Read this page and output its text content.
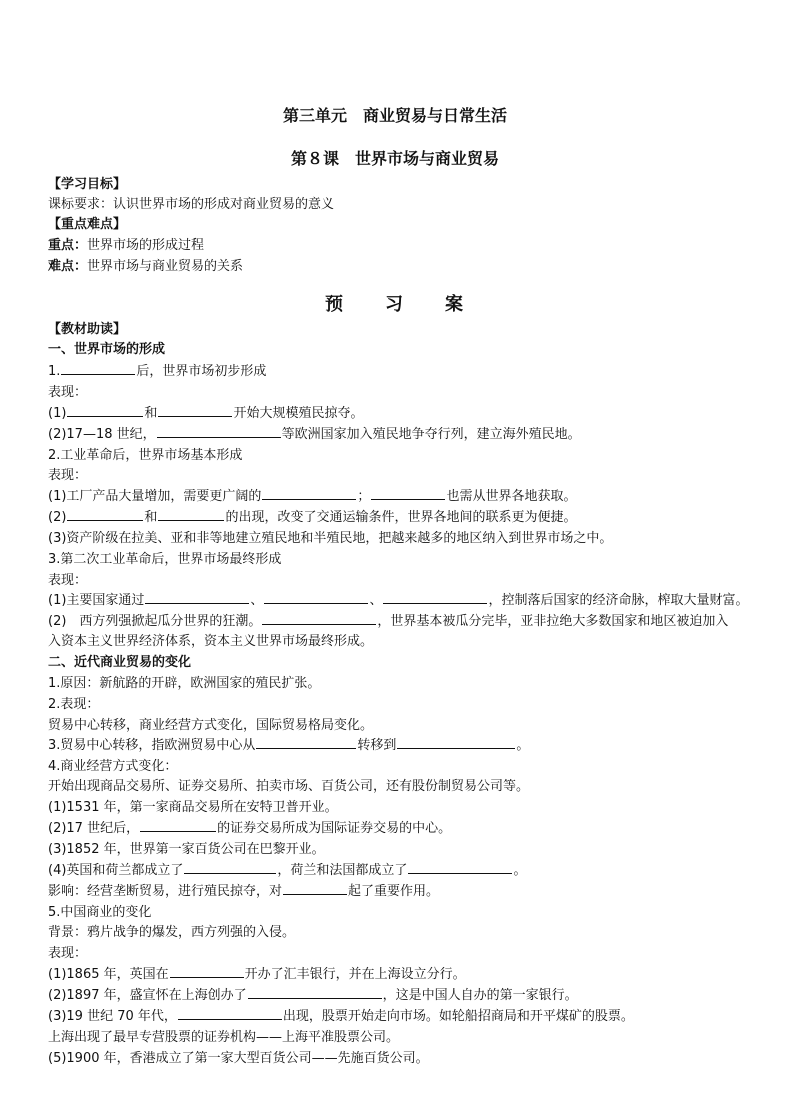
第三单元　商业贸易与日常生活
第８课　世界市场与商业贸易
【学习目标】
课标要求：认识世界市场的形成对商业贸易的意义
【重点难点】
重点：世界市场的形成过程
难点：世界市场与商业贸易的关系
预　　习　　案
【教材助读】
一、世界市场的形成
1.	后，世界市场初步形成
表现：
(1)	和	开始大规模殖民掠夺。
(2)17—18 世纪，	等欧洲国家加入殖民地争夺行列，建立海外殖民地。
2.工业革命后，世界市场基本形成
表现：
(1)工厂产品大量增加，需要更广阔的	；	也需从世界各地获取。
(2)	和	的出现，改变了交通运输条件，世界各地间的联系更为便捷。
(3)资产阶级在拉美、亚和非等地建立殖民地和半殖民地，把越来越多的地区纳入到世界市场之中。
3.第二次工业革命后，世界市场最终形成
表现：
(1)主要国家通过	、	、	，控制落后国家的经济命脉，榨取大量财富。
(2)　西方列强掀起瓜分世界的狂潮。	，世界基本被瓜分完毕，亚非拉绝大多数国家和地区被迫加入
入资本主义世界经济体系，资本主义世界市场最终形成。
二、近代商业贸易的变化
1.原因：新航路的开辟，欧洲国家的殖民扩张。
2.表现：
贸易中心转移，商业经营方式变化，国际贸易格局变化。
3.贸易中心转移，指欧洲贸易中心从	转移到	。
4.商业经营方式变化：
开始出现商品交易所、证券交易所、拍卖市场、百货公司，还有股份制贸易公司等。
(1)1531 年，第一家商品交易所在安特卫普开业。
(2)17 世纪后，	的证券交易所成为国际证券交易的中心。
(3)1852 年，世界第一家百货公司在巴黎开业。
(4)英国和荷兰都成立了	，荷兰和法国都成立了	。
影响：经营垄断贸易，进行殖民掠夺，对	起了重要作用。
5.中国商业的变化
背景：鸦片战争的爆发，西方列强的入侵。
表现：
(1)1865 年，英国在	开办了汇丰银行，并在上海设立分行。
(2)1897 年，盛宣怀在上海创办了	，这是中国人自办的第一家银行。
(3)19 世纪 70 年代，	出现，股票开始走向市场。如轮船招商局和开平煤矿的股票。
上海出现了最早专营股票的证券机构——上海平准股票公司。
(5)1900 年，香港成立了第一家大型百货公司——先施百货公司。
